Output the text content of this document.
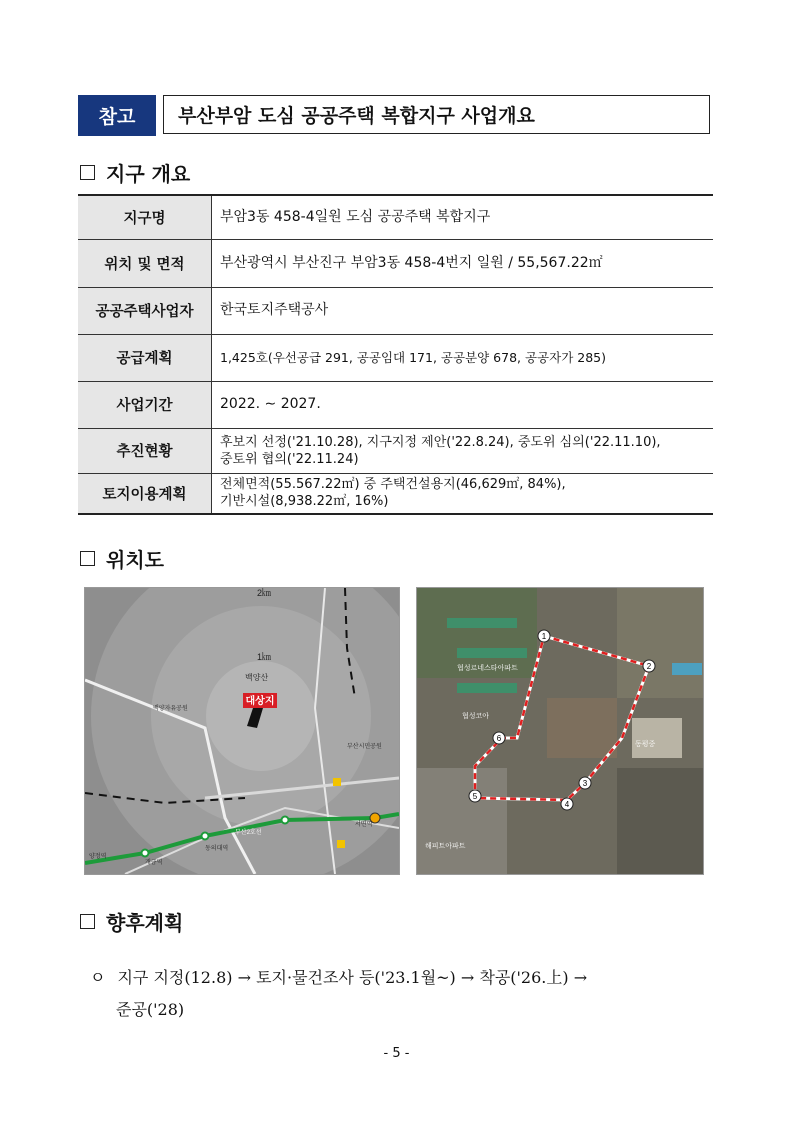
참고	부산부암 도심 공공주택 복합지구 사업개요
지구 개요
지구명	부암3동 458-4일원 도심 공공주택 복합지구
위치 및 면적	부산광역시 부산진구 부암3동 458-4번지 일원 / 55,567.22㎡
공공주택사업자	한국토지주택공사
공급계획	1,425호(우선공급 291, 공공임대 171, 공공분양 678, 공공자가 285)
사업기간	2022. ∼ 2027.
추진현황	후보지 선정('21.10.28), 지구지정 제안('22.8.24), 중도위 심의('22.11.10),
중토위 협의('22.11.24)

토지이용계획	전체면적(55.567.22㎡) 중 주택건설용지(46,629㎡, 84%),
기반시설(8,938.22㎡, 16%)
위치도
2㎞
1㎞
백양산
대상지
백양자유공원
부산시민공원
서면역
양정역
개금역
동의대역
부산2호선
1
2
3
4
5
6
협성르네스타아파트
동평중
협성코아
해피트아파트
향후계획
ㅇ 지구 지정(12.8) → 토지·물건조사 등('23.1월~) → 착공('26.上) →
준공('28)
- 5 -
